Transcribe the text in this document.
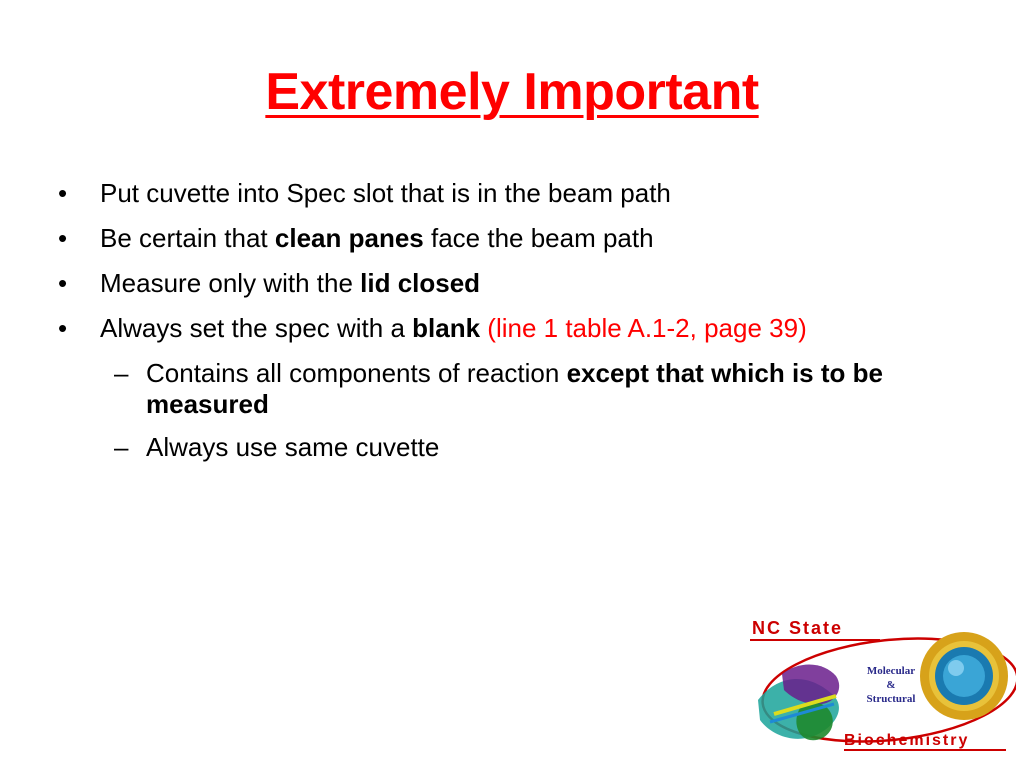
Extremely Important
• Put cuvette into Spec slot that is in the beam path
• Be certain that clean panes face the beam path
• Measure only with the lid closed
• Always set the spec with a blank (line 1 table A.1-2, page 39)
– Contains all components of reaction except that which is to be measured
– Always use same cuvette
NC State
Molecular
&
Structural
Biochemistry
